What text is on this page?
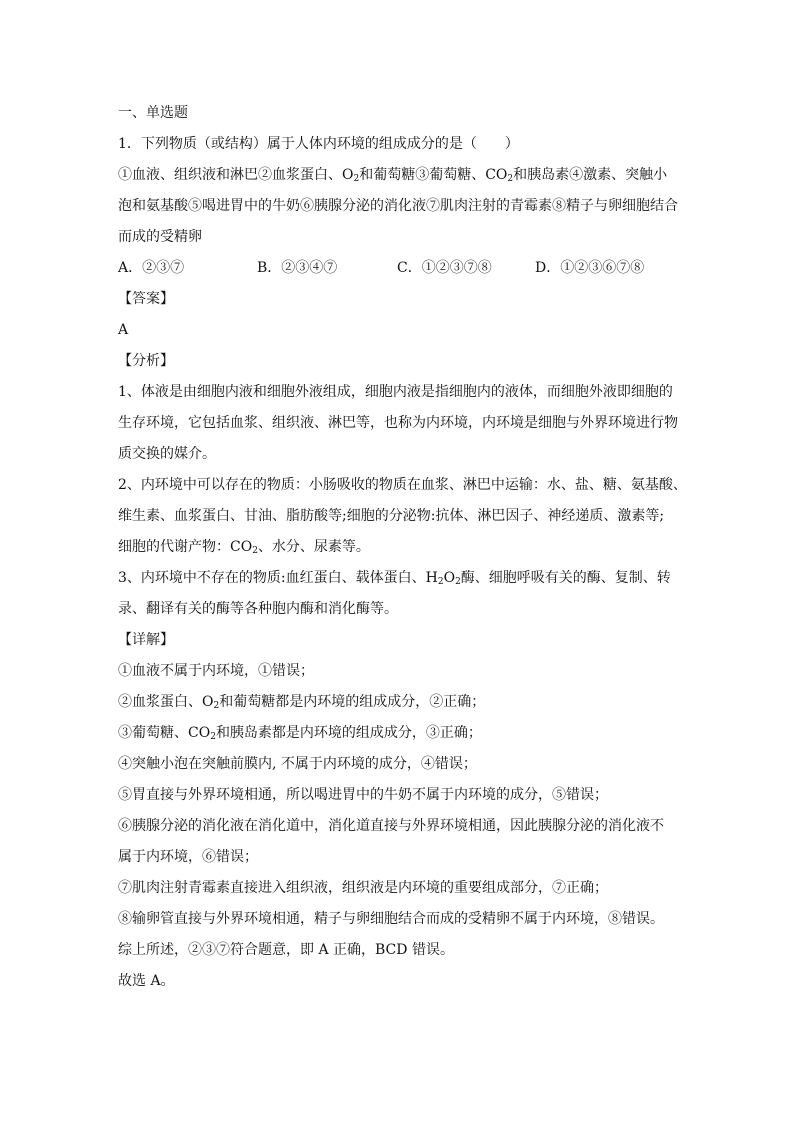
一、单选题
1．下列物质（或结构）属于人体内环境的组成成分的是（　　）
①血液、组织液和淋巴②血浆蛋白、$O_2$和葡萄糖③葡萄糖、$CO_2$和胰岛素④激素、突触小
泡和氨基酸⑤喝进胃中的牛奶⑥胰腺分泌的消化液⑦肌肉注射的青霉素⑧精子与卵细胞结合
而成的受精卵
A．②③⑦	B．②③④⑦	C．①②③⑦⑧	D．①②③⑥⑦⑧
【答案】
A
【分析】
1、体液是由细胞内液和细胞外液组成，细胞内液是指细胞内的液体，而细胞外液即细胞的
生存环境，它包括血浆、组织液、淋巴等，也称为内环境，内环境是细胞与外界环境进行物
质交换的媒介。
2、内环境中可以存在的物质：小肠吸收的物质在血浆、淋巴中运输：水、盐、糖、氨基酸、
维生素、血浆蛋白、甘油、脂肪酸等;细胞的分泌物:抗体、淋巴因子、神经递质、激素等;
细胞的代谢产物：$CO_2$、水分、尿素等。
3、内环境中不存在的物质:血红蛋白、载体蛋白、$H_2O_2$酶、细胞呼吸有关的酶、复制、转
录、翻译有关的酶等各种胞内酶和消化酶等。
【详解】
①血液不属于内环境，①错误；
②血浆蛋白、$O_2$和葡萄糖都是内环境的组成成分，②正确；
③葡萄糖、$CO_2$和胰岛素都是内环境的组成成分，③正确；
④突触小泡在突触前膜内, 不属于内环境的成分，④错误；
⑤胃直接与外界环境相通，所以喝进胃中的牛奶不属于内环境的成分，⑤错误；
⑥胰腺分泌的消化液在消化道中，消化道直接与外界环境相通，因此胰腺分泌的消化液不
属于内环境，⑥错误；
⑦肌肉注射青霉素直接进入组织液，组织液是内环境的重要组成部分，⑦正确；
⑧输卵管直接与外界环境相通，精子与卵细胞结合而成的受精卵不属于内环境，⑧错误。
综上所述，②③⑦符合题意，即 A 正确，BCD 错误。
故选 A。
